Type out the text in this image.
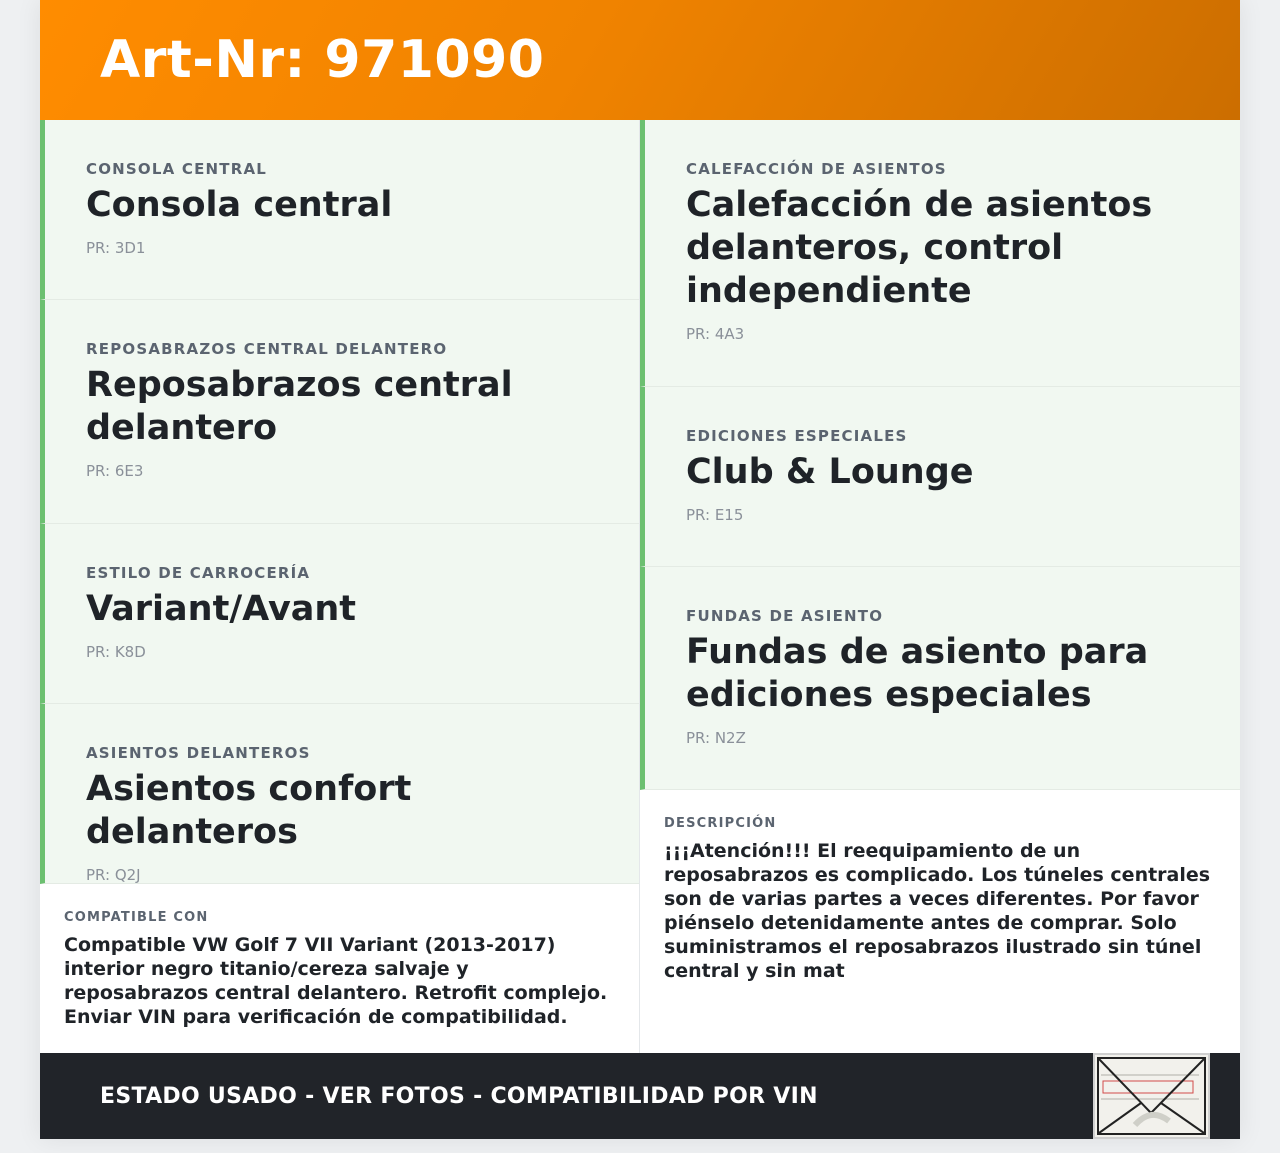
Art-Nr: 971090
CONSOLA CENTRAL
Consola central
PR: 3D1
REPOSABRAZOS CENTRAL DELANTERO
Reposabrazos central delantero
PR: 6E3
ESTILO DE CARROCERÍA
Variant/Avant
PR: K8D
ASIENTOS DELANTEROS
Asientos confort delanteros
PR: Q2J
COMPATIBLE CON
Compatible VW Golf 7 VII Variant (2013-2017) interior negro titanio/cereza salvaje y reposabrazos central delantero. Retrofit complejo. Enviar VIN para verificación de compatibilidad.
CALEFACCIÓN DE ASIENTOS
Calefacción de asientos delanteros, control independiente
PR: 4A3
EDICIONES ESPECIALES
Club & Lounge
PR: E15
FUNDAS DE ASIENTO
Fundas de asiento para ediciones especiales
PR: N2Z
DESCRIPCIÓN
¡¡¡Atención!!! El reequipamiento de un reposabrazos es complicado. Los túneles centrales son de varias partes a veces diferentes. Por favor piénselo detenidamente antes de comprar. Solo suministramos el reposabrazos ilustrado sin túnel central y sin mat
ESTADO USADO - VER FOTOS - COMPATIBILIDAD POR VIN
